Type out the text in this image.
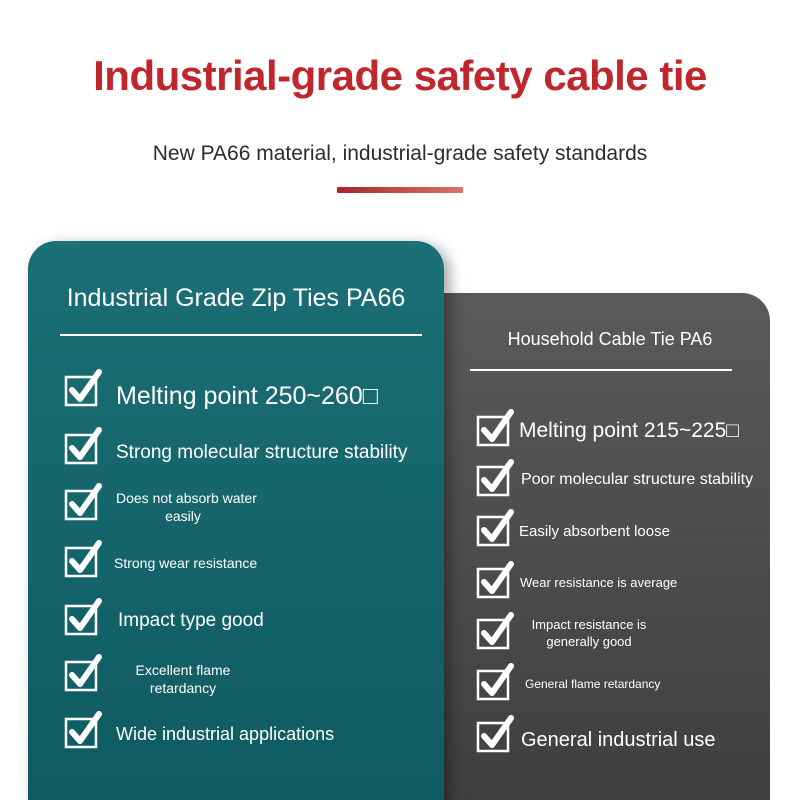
Industrial-grade safety cable tie
New PA66 material, industrial-grade safety standards
Household Cable Tie PA6
Melting point 215~225□
Poor molecular structure stability
Easily absorbent loose
Wear resistance is average
Impact resistance is
generally good
General flame retardancy
General industrial use
Industrial Grade Zip Ties PA66
Melting point 250~260□
Strong molecular structure stability
Does not absorb water
easily
Strong wear resistance
Impact type good
Excellent flame
retardancy
Wide industrial applications
